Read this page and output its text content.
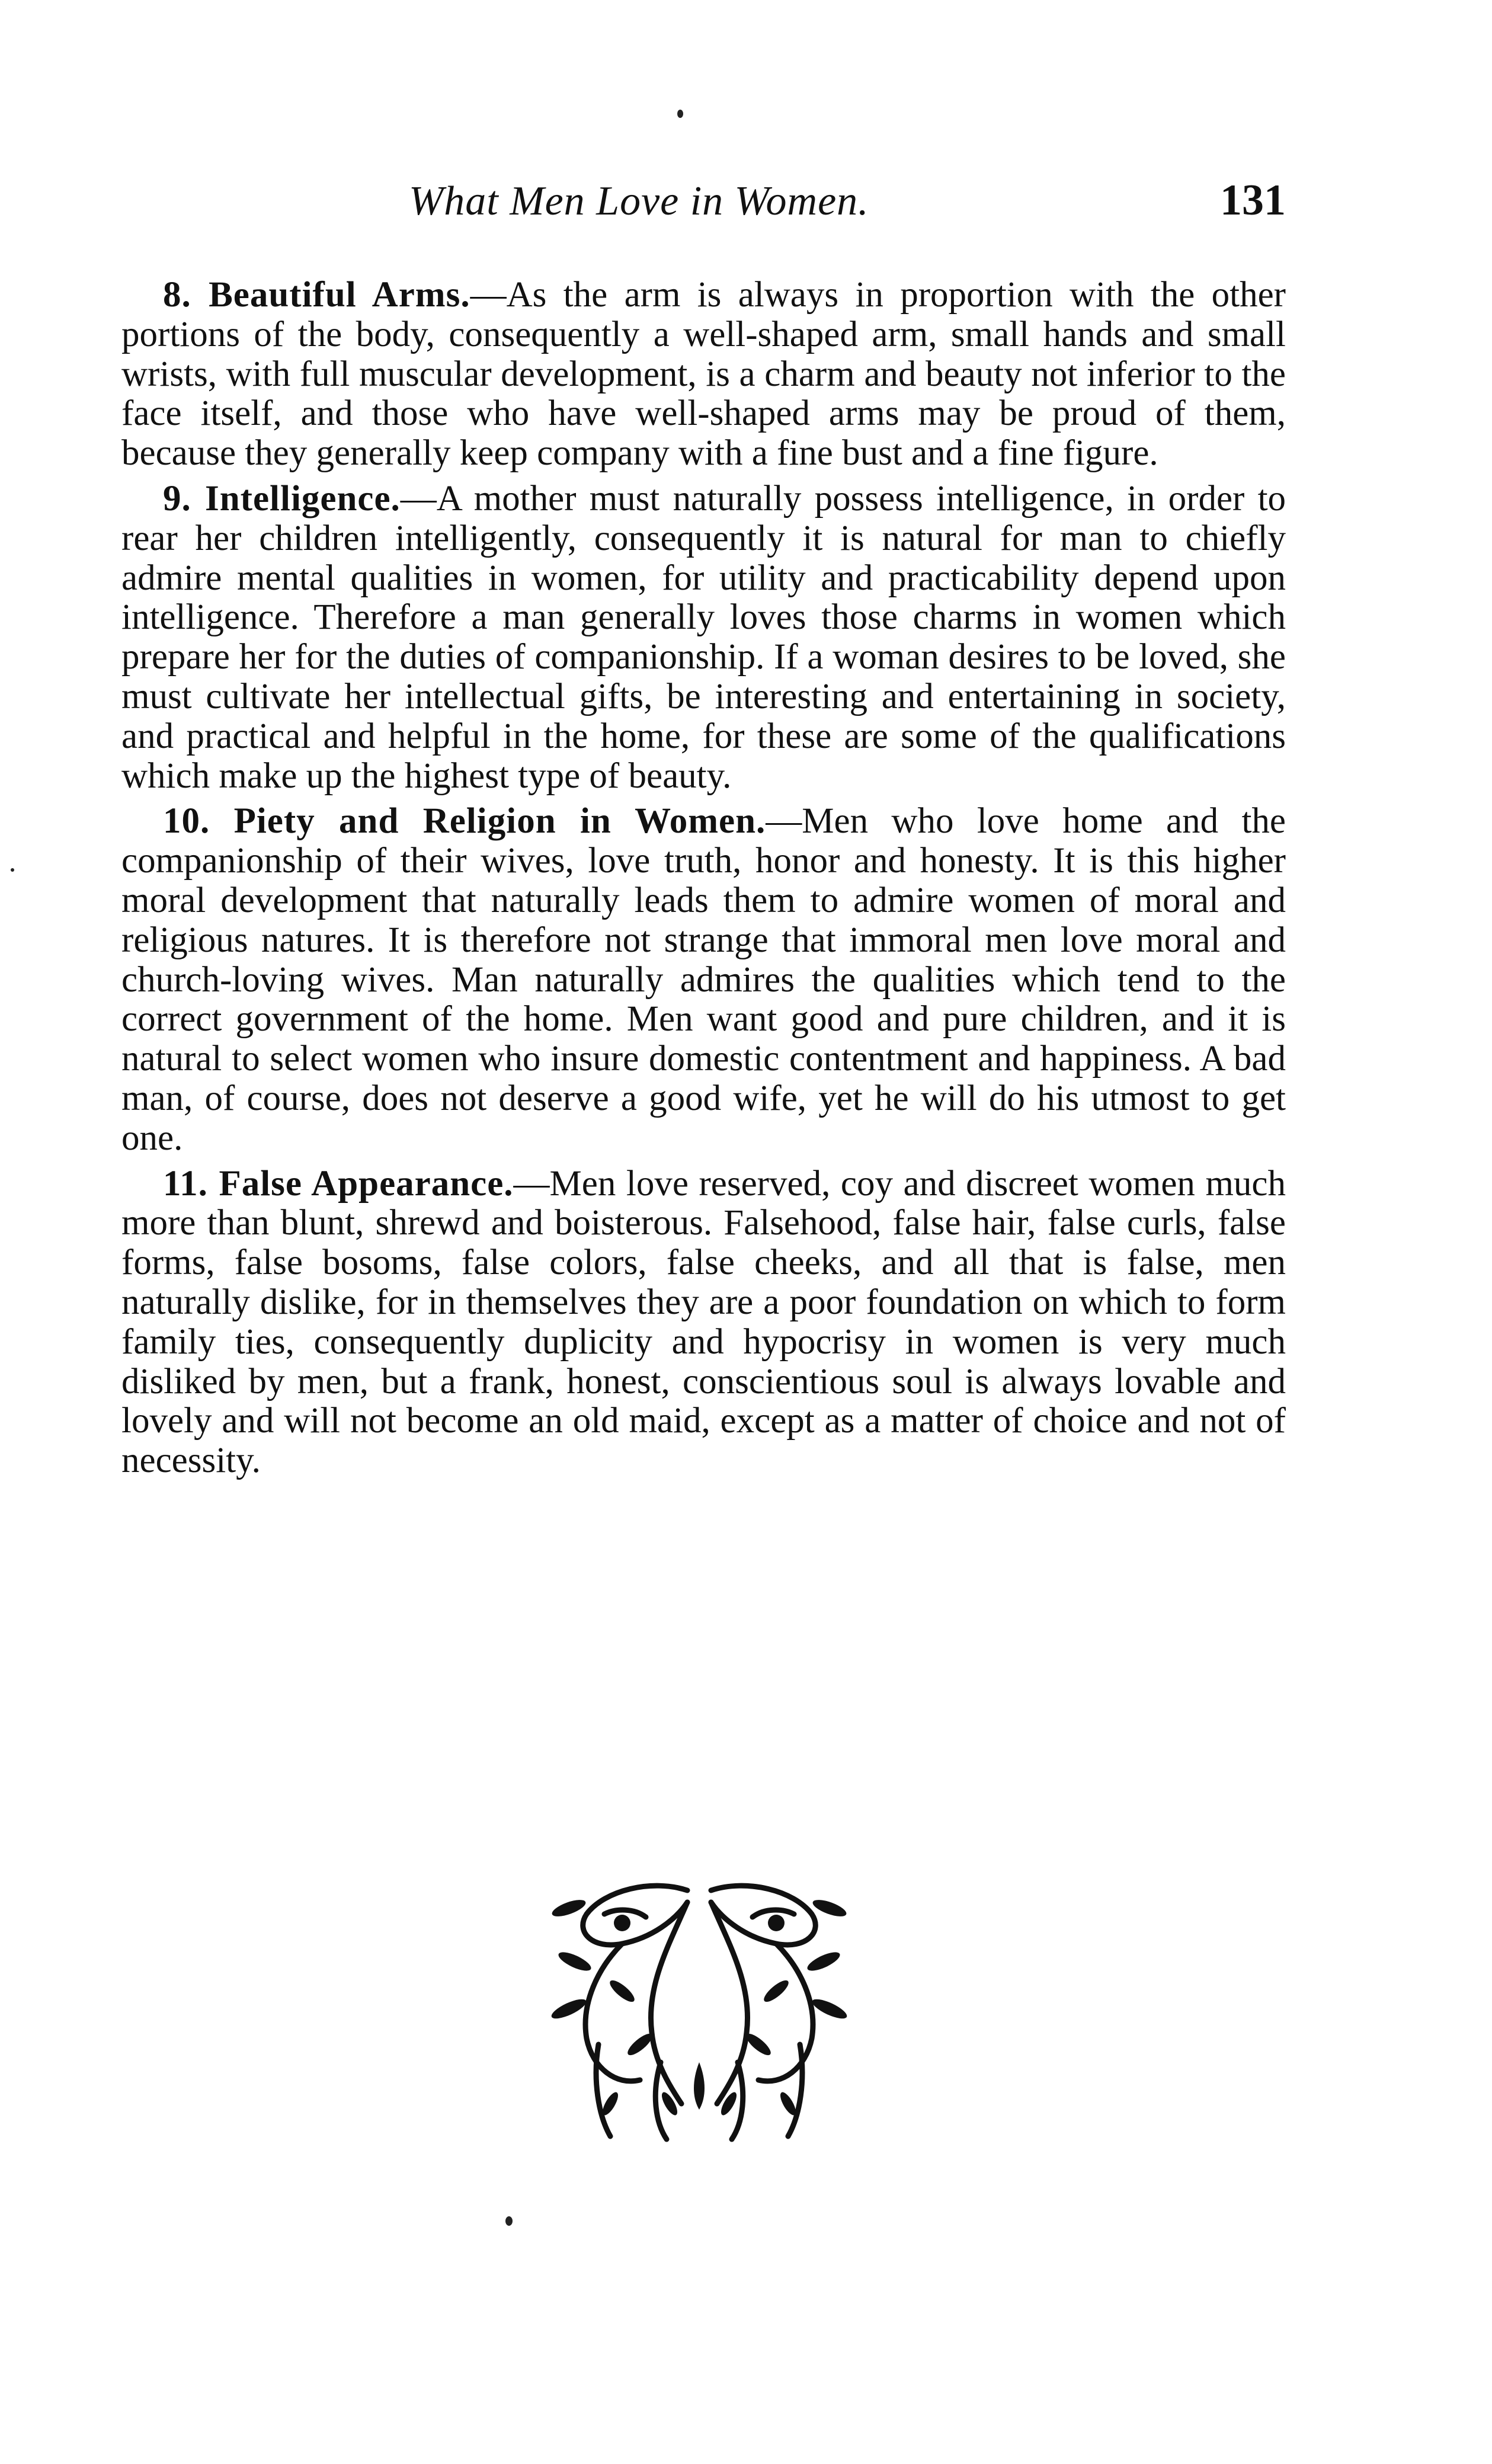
What Men Love in Women.	131

8. Beautiful Arms.—As the arm is always in proportion with the other portions of the body, consequently a well-shaped arm, small hands and small wrists, with full muscular development, is a charm and beauty not inferior to the face itself, and those who have well-shaped arms may be proud of them, because they generally keep company with a fine bust and a fine figure.

9. Intelligence.—A mother must naturally possess intelligence, in order to rear her children intelligently, consequently it is natural for man to chiefly admire mental qualities in women, for utility and practicability depend upon intelligence. Therefore a man generally loves those charms in women which prepare her for the duties of companionship. If a woman desires to be loved, she must cultivate her intellectual gifts, be interesting and entertaining in society, and practical and helpful in the home, for these are some of the qualifications which make up the highest type of beauty.

10. Piety and Religion in Women.—Men who love home and the companionship of their wives, love truth, honor and honesty. It is this higher moral development that naturally leads them to admire women of moral and religious natures. It is therefore not strange that immoral men love moral and church-loving wives. Man naturally admires the qualities which tend to the correct government of the home. Men want good and pure children, and it is natural to select women who insure domestic contentment and happiness. A bad man, of course, does not deserve a good wife, yet he will do his utmost to get one.

11. False Appearance.—Men love reserved, coy and discreet women much more than blunt, shrewd and boisterous. Falsehood, false hair, false curls, false forms, false bosoms, false colors, false cheeks, and all that is false, men naturally dislike, for in themselves they are a poor foundation on which to form family ties, consequently duplicity and hypocrisy in women is very much disliked by men, but a frank, honest, conscientious soul is always lovable and lovely and will not become an old maid, except as a matter of choice and not of necessity.
